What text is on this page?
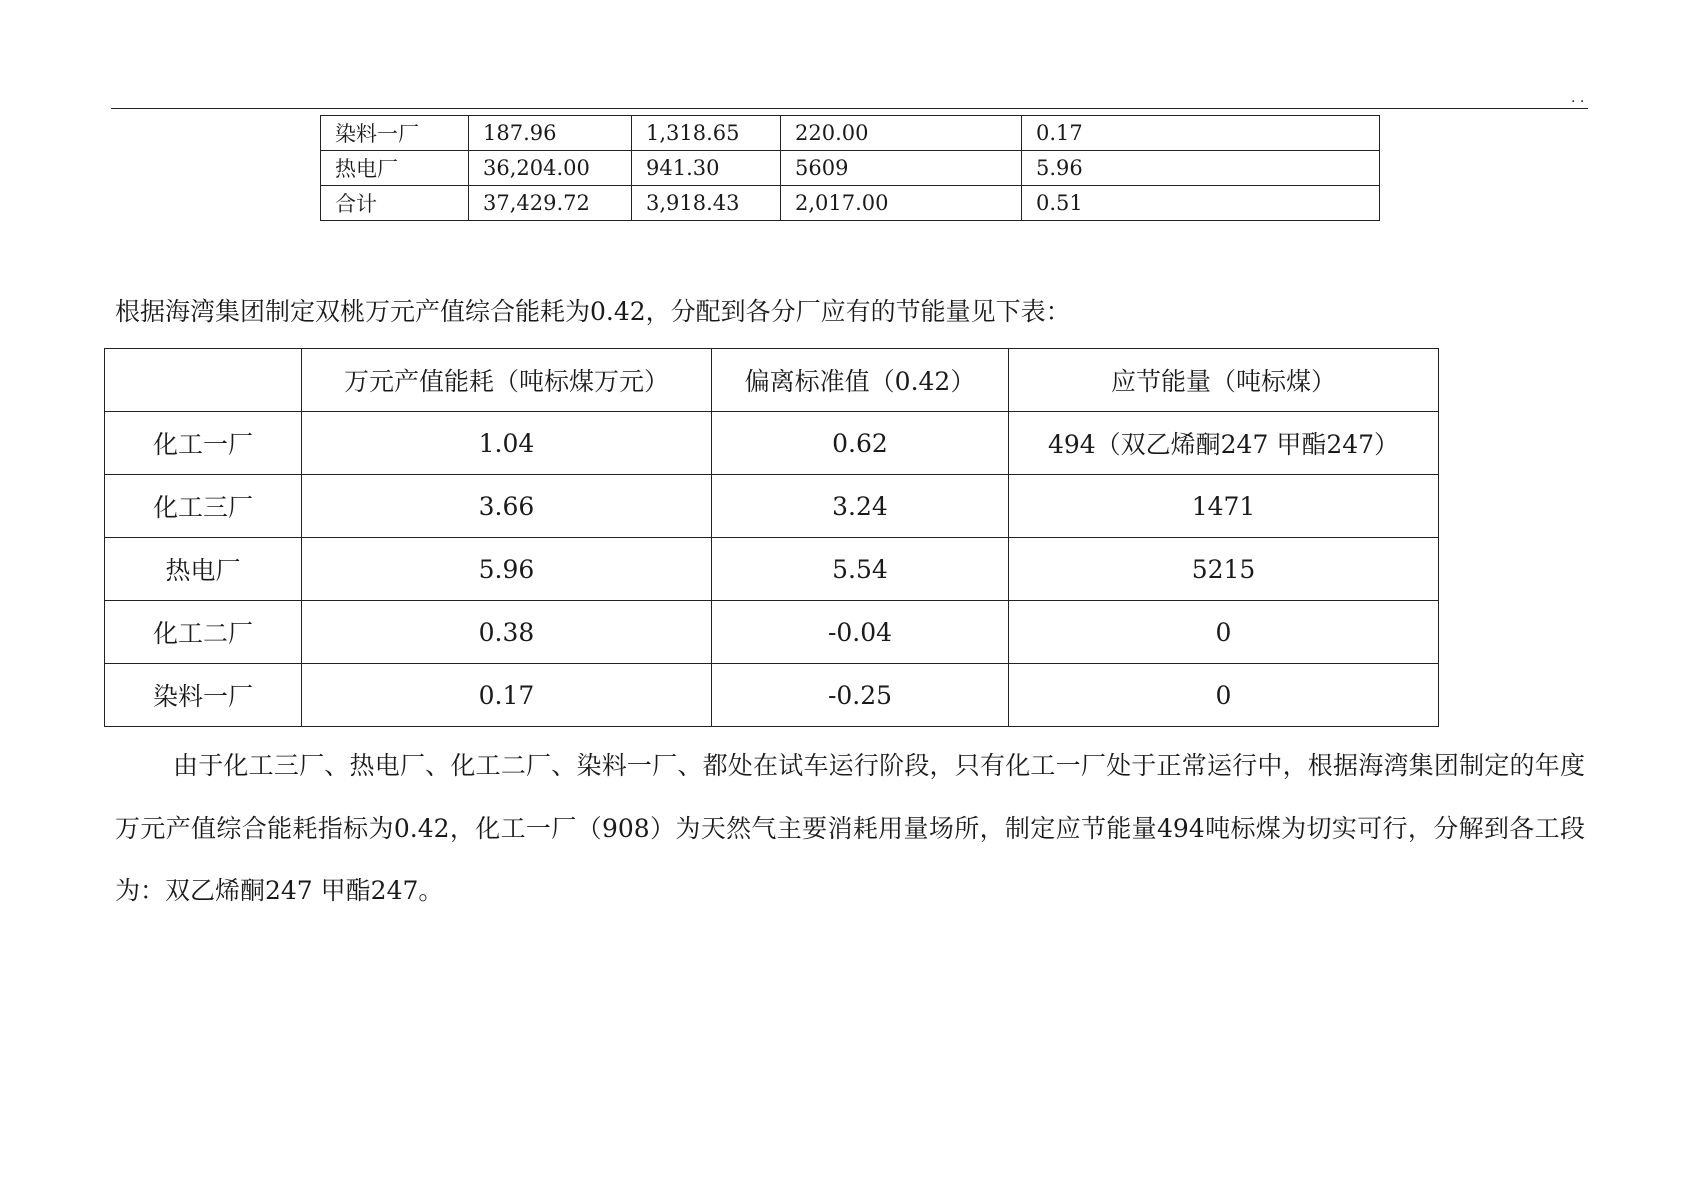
. .
染料一厂	187.96	1,318.65	220.00	0.17
热电厂	36,204.00	941.30	5609	5.96
合计	37,429.72	3,918.43	2,017.00	0.51
根据海湾集团制定双桃万元产值综合能耗为0.42，分配到各分厂应有的节能量见下表：
	万元产值能耗（吨标煤万元）	偏离标准值（0.42）	应节能量（吨标煤）
化工一厂	1.04	0.62	494（双乙烯酮247 甲酯247）
化工三厂	3.66	3.24	1471
热电厂	5.96	5.54	5215
化工二厂	0.38	-0.04	0
染料一厂	0.17	-0.25	0
由于化工三厂、热电厂、化工二厂、染料一厂、都处在试车运行阶段，只有化工一厂处于正常运行中，根据海湾集团制定的年度万元产值综合能耗指标为0.42，化工一厂（908）为天然气主要消耗用量场所，制定应节能量494吨标煤为切实可行，分解到各工段为：双乙烯酮247 甲酯247。
